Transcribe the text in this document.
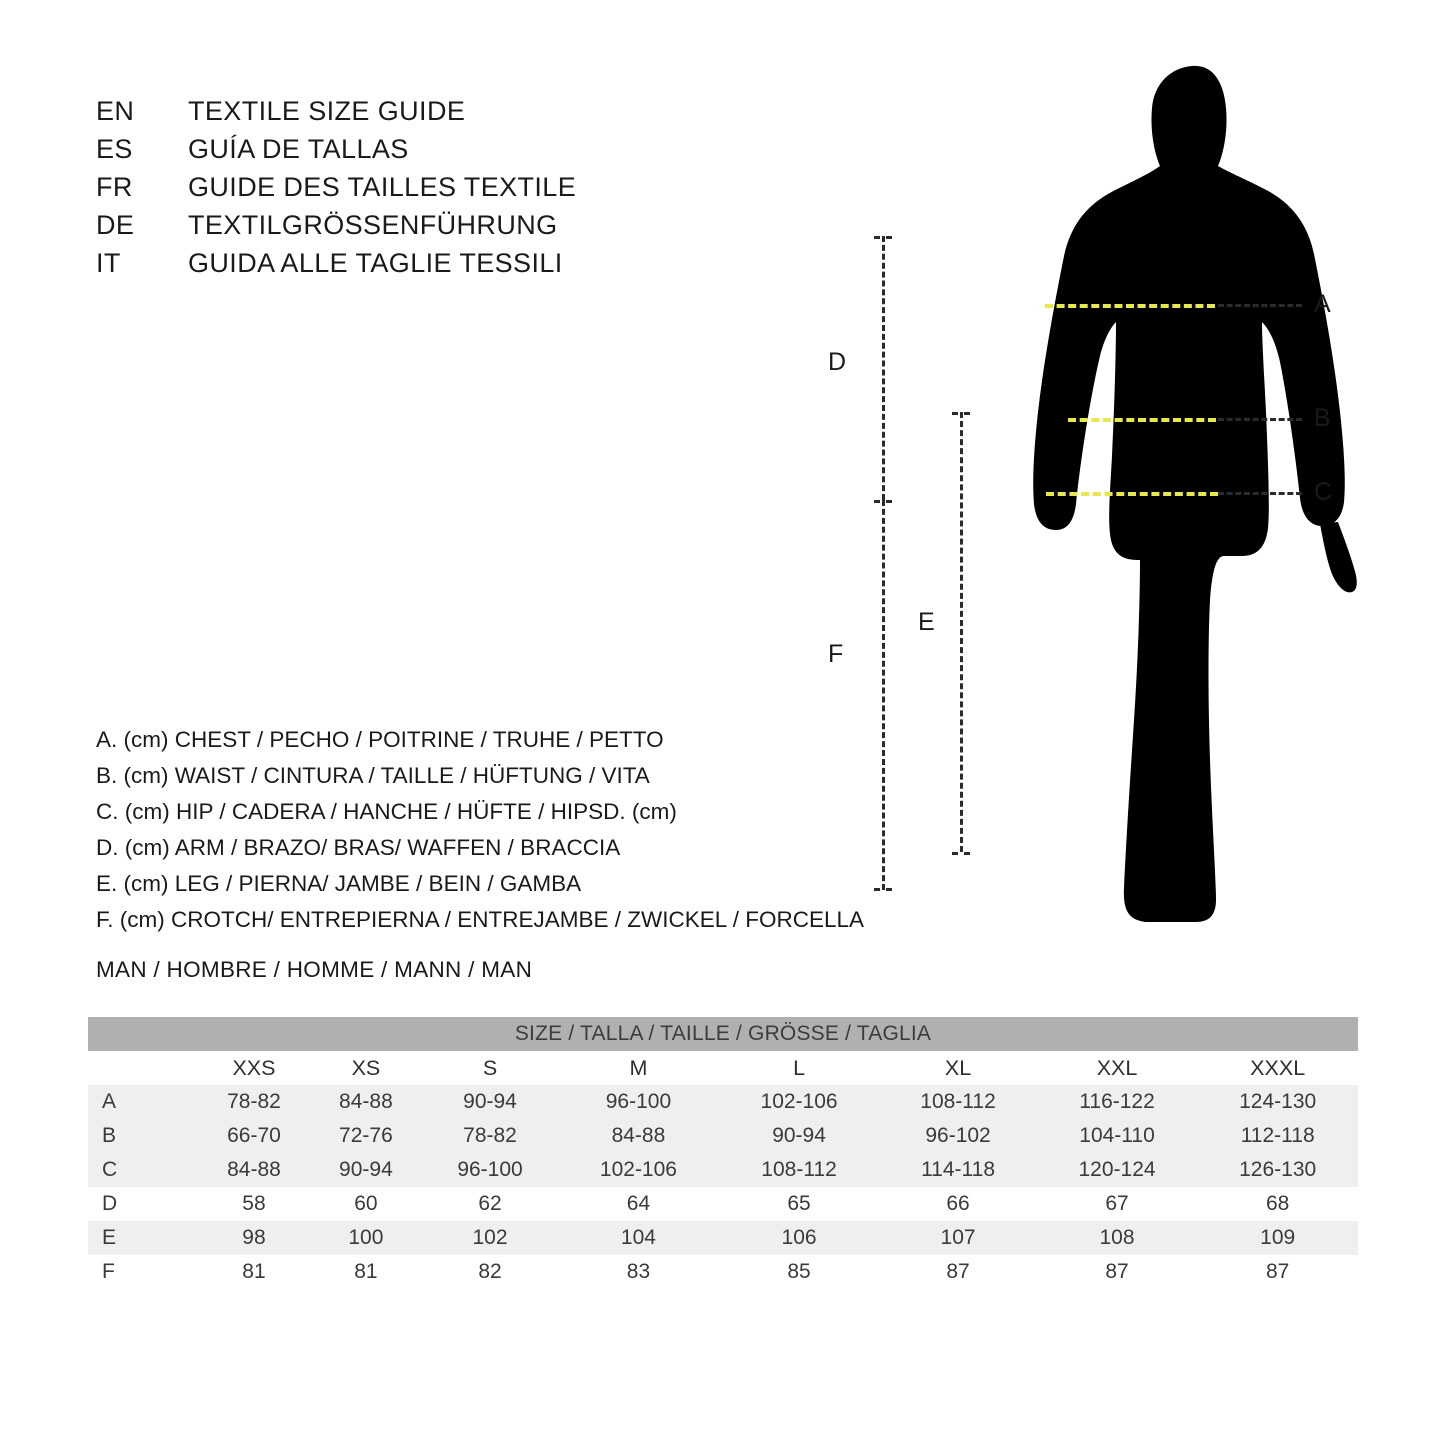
EN	TEXTILE SIZE GUIDE
ES	GUÍA DE TALLAS
FR	GUIDE DES TAILLES TEXTILE
DE	TEXTILGRÖSSENFÜHRUNG
IT	GUIDA ALLE TAGLIE TESSILI
A
B
C
D
F
E
A. (cm) CHEST / PECHO / POITRINE / TRUHE / PETTO
B. (cm) WAIST / CINTURA / TAILLE / HÜFTUNG / VITA
C. (cm) HIP / CADERA / HANCHE / HÜFTE / HIPSD. (cm)
D. (cm) ARM / BRAZO/ BRAS/ WAFFEN / BRACCIA
E. (cm) LEG / PIERNA/ JAMBE / BEIN / GAMBA
F. (cm) CROTCH/ ENTREPIERNA / ENTREJAMBE / ZWICKEL / FORCELLA
MAN / HOMBRE / HOMME / MANN / MAN
SIZE / TALLA / TAILLE / GRÖSSE / TAGLIA								
	XXS	XS	S	M	L	XL	XXL	XXXL
A	78-82	84-88	90-94	96-100	102-106	108-112	116-122	124-130
B	66-70	72-76	78-82	84-88	90-94	96-102	104-110	112-118
C	84-88	90-94	96-100	102-106	108-112	114-118	120-124	126-130
D	58	60	62	64	65	66	67	68
E	98	100	102	104	106	107	108	109
F	81	81	82	83	85	87	87	87
